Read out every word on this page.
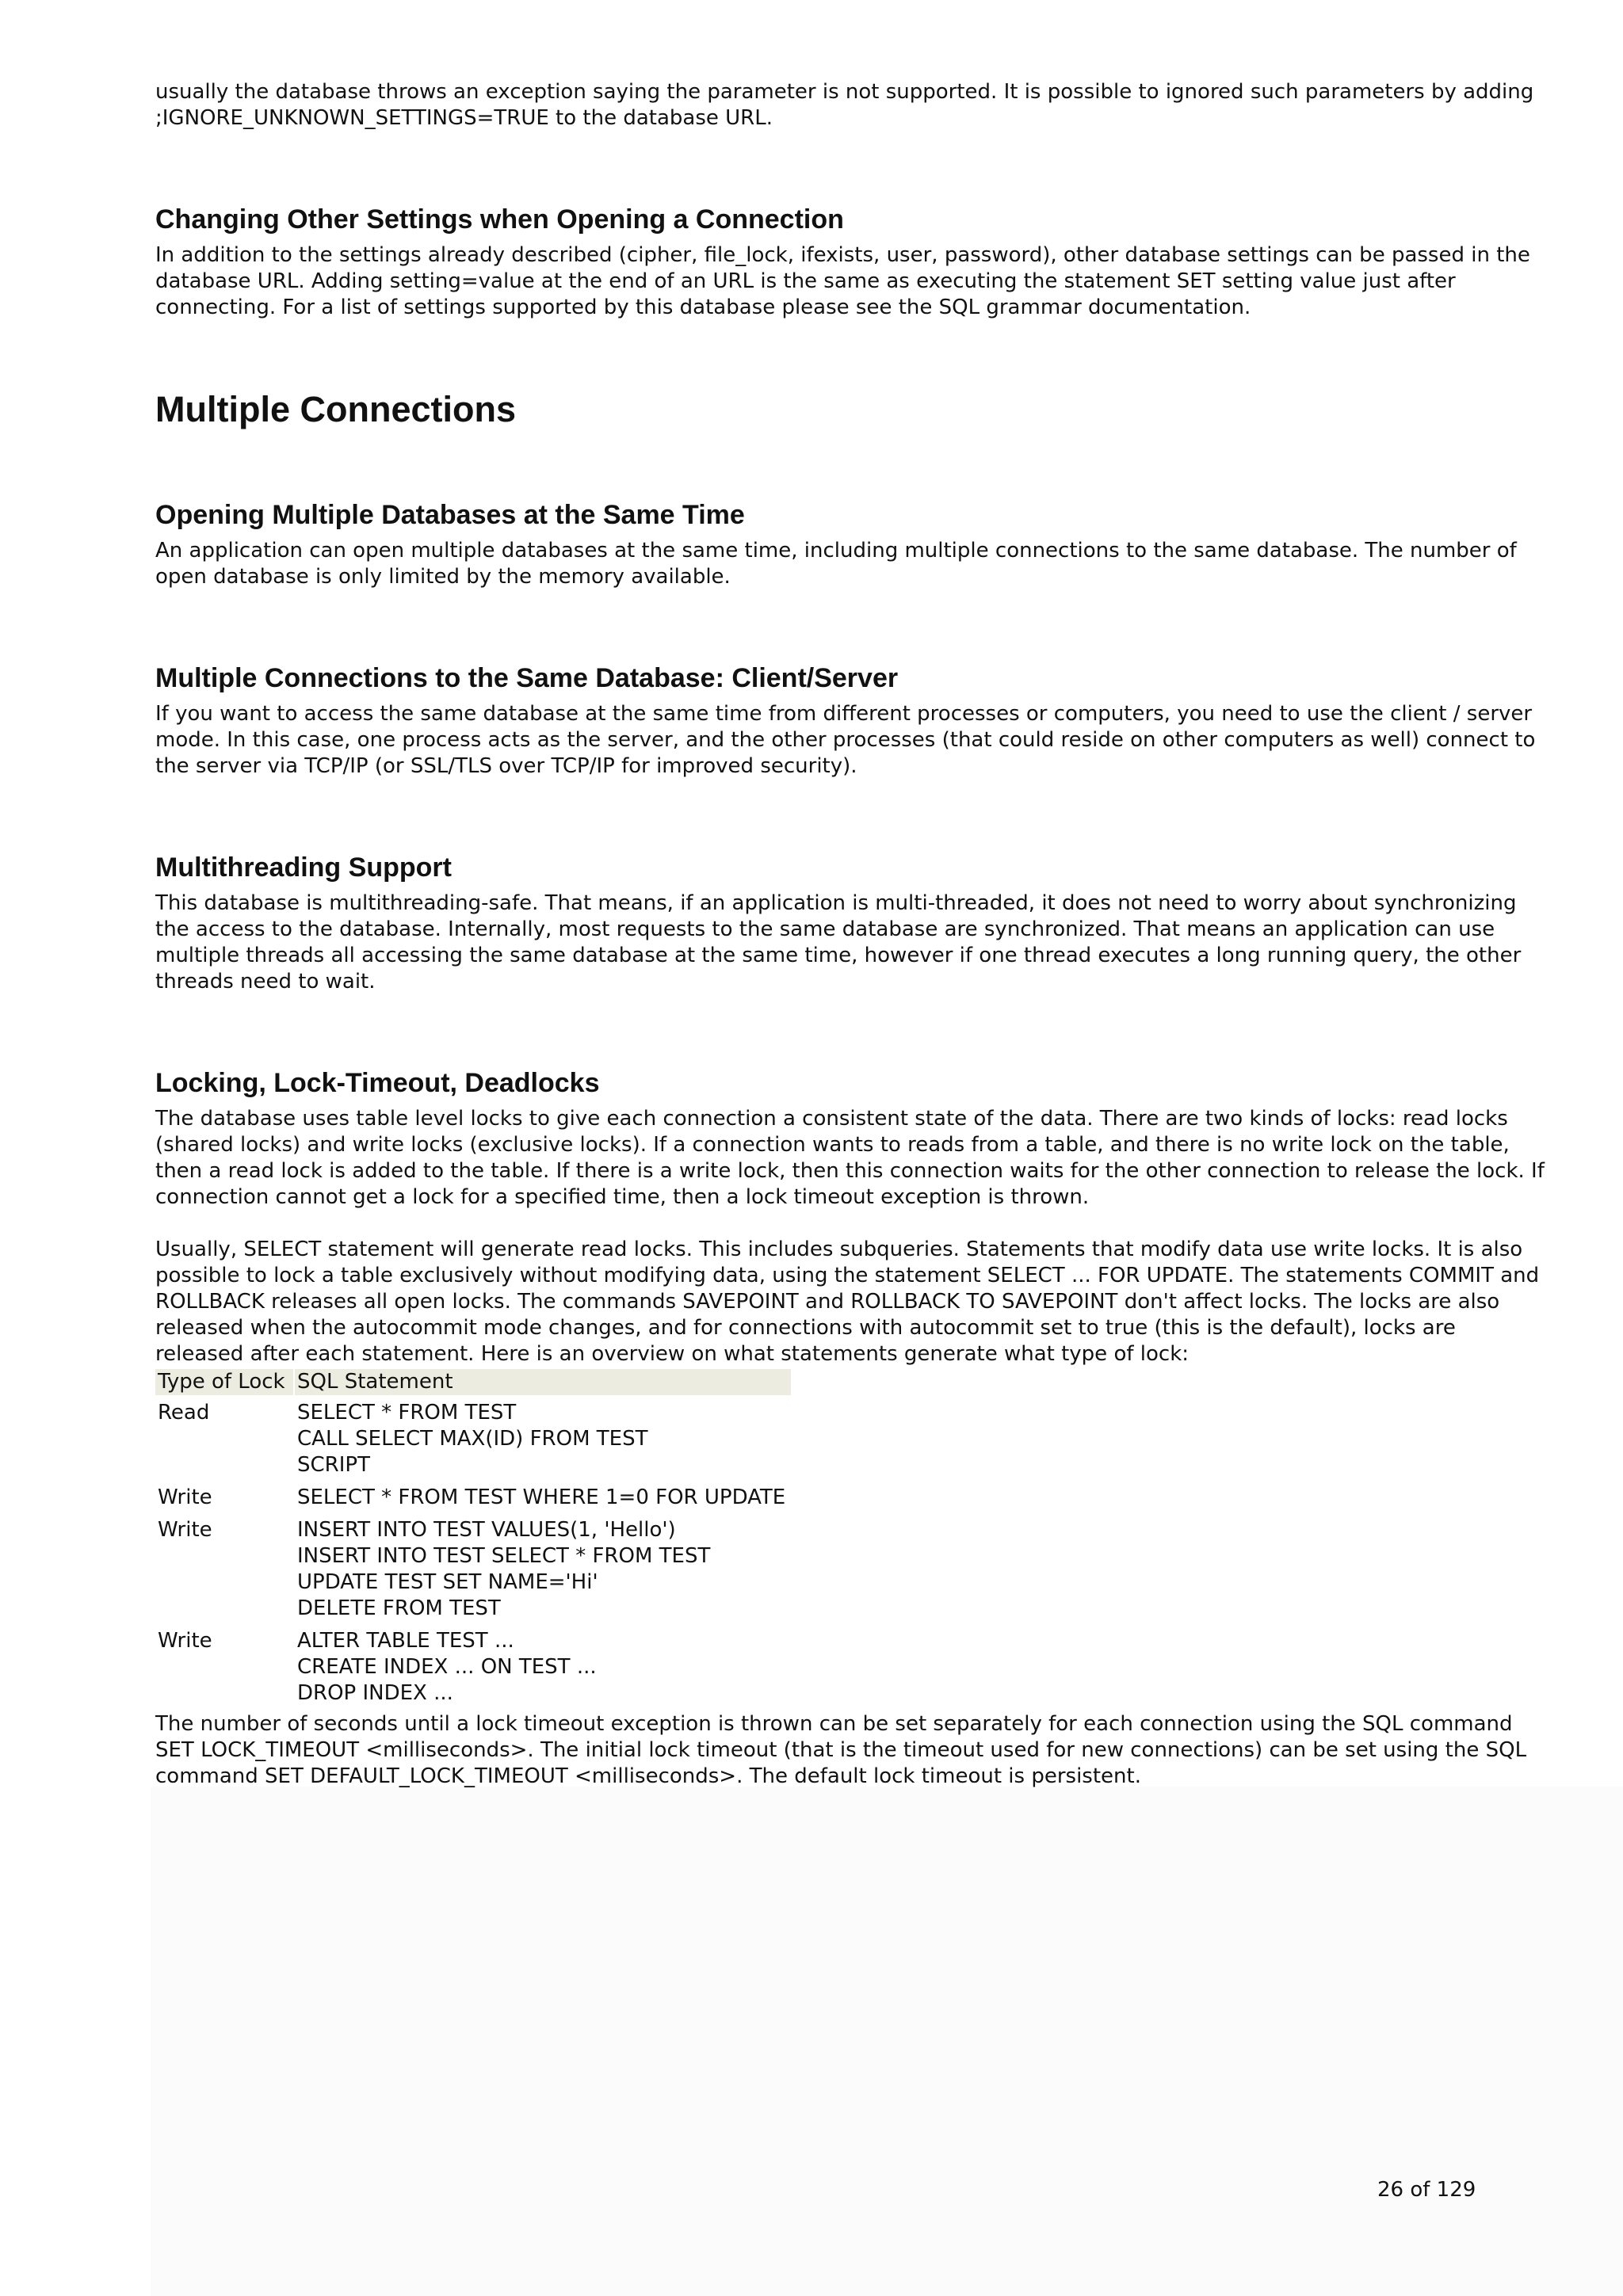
usually the database throws an exception saying the parameter is not supported. It is possible to ignored such parameters by adding ;IGNORE_UNKNOWN_SETTINGS=TRUE to the database URL.

Changing Other Settings when Opening a Connection

In addition to the settings already described (cipher, file_lock, ifexists, user, password), other database settings can be passed in the database URL. Adding setting=value at the end of an URL is the same as executing the statement SET setting value just after connecting. For a list of settings supported by this database please see the SQL grammar documentation.

Multiple Connections
Opening Multiple Databases at the Same Time

An application can open multiple databases at the same time, including multiple connections to the same database. The number of open database is only limited by the memory available.

Multiple Connections to the Same Database: Client/Server

If you want to access the same database at the same time from different processes or computers, you need to use the client / server mode. In this case, one process acts as the server, and the other processes (that could reside on other computers as well) connect to the server via TCP/IP (or SSL/TLS over TCP/IP for improved security).

Multithreading Support

This database is multithreading-safe. That means, if an application is multi-threaded, it does not need to worry about synchronizing the access to the database. Internally, most requests to the same database are synchronized. That means an application can use multiple threads all accessing the same database at the same time, however if one thread executes a long running query, the other threads need to wait.

Locking, Lock-Timeout, Deadlocks

The database uses table level locks to give each connection a consistent state of the data. There are two kinds of locks: read locks (shared locks) and write locks (exclusive locks). If a connection wants to reads from a table, and there is no write lock on the table, then a read lock is added to the table. If there is a write lock, then this connection waits for the other connection to release the lock. If connection cannot get a lock for a specified time, then a lock timeout exception is thrown.

Usually, SELECT statement will generate read locks. This includes subqueries. Statements that modify data use write locks. It is also possible to lock a table exclusively without modifying data, using the statement SELECT ... FOR UPDATE. The statements COMMIT and ROLLBACK releases all open locks. The commands SAVEPOINT and ROLLBACK TO SAVEPOINT don't affect locks. The locks are also released when the autocommit mode changes, and for connections with autocommit set to true (this is the default), locks are released after each statement. Here is an overview on what statements generate what type of lock:

Type of Lock	SQL Statement
Read	SELECT * FROM TEST
CALL SELECT MAX(ID) FROM TEST
SCRIPT

Write	SELECT * FROM TEST WHERE 1=0 FOR UPDATE

Write	INSERT INTO TEST VALUES(1, 'Hello')
INSERT INTO TEST SELECT * FROM TEST
UPDATE TEST SET NAME='Hi'
DELETE FROM TEST

Write	ALTER TABLE TEST ...
CREATE INDEX ... ON TEST ...
DROP INDEX ...

The number of seconds until a lock timeout exception is thrown can be set separately for each connection using the SQL command SET LOCK_TIMEOUT <milliseconds>. The initial lock timeout (that is the timeout used for new connections) can be set using the SQL command SET DEFAULT_LOCK_TIMEOUT <milliseconds>. The default lock timeout is persistent.

26 of 129
